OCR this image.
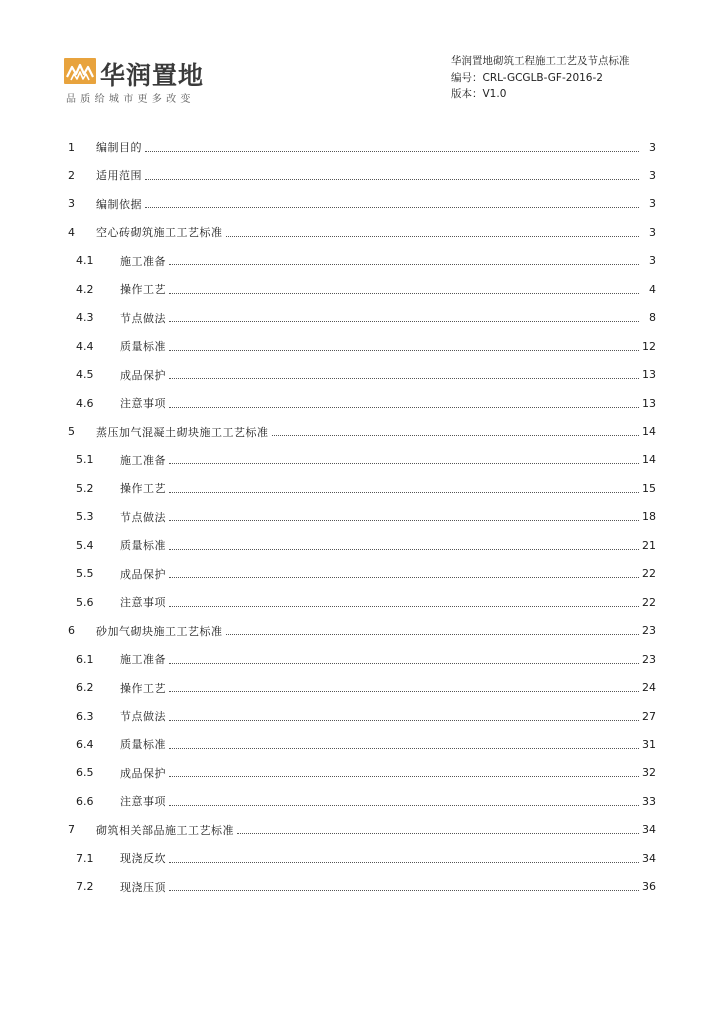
华润置地
品质给城市更多改变
华润置地砌筑工程施工工艺及节点标准
编号：CRL-GCGLB-GF-2016-2
版本：V1.0
1	编制目的	3
2	适用范围	3
3	编制依据	3
4	空心砖砌筑施工工艺标准	3
4.1	施工准备	3
4.2	操作工艺	4
4.3	节点做法	8
4.4	质量标准	12
4.5	成品保护	13
4.6	注意事项	13
5	蒸压加气混凝土砌块施工工艺标准	14
5.1	施工准备	14
5.2	操作工艺	15
5.3	节点做法	18
5.4	质量标准	21
5.5	成品保护	22
5.6	注意事项	22
6	砂加气砌块施工工艺标准	23
6.1	施工准备	23
6.2	操作工艺	24
6.3	节点做法	27
6.4	质量标准	31
6.5	成品保护	32
6.6	注意事项	33
7	砌筑相关部品施工工艺标准	34
7.1	现浇反坎	34
7.2	现浇压顶	36
